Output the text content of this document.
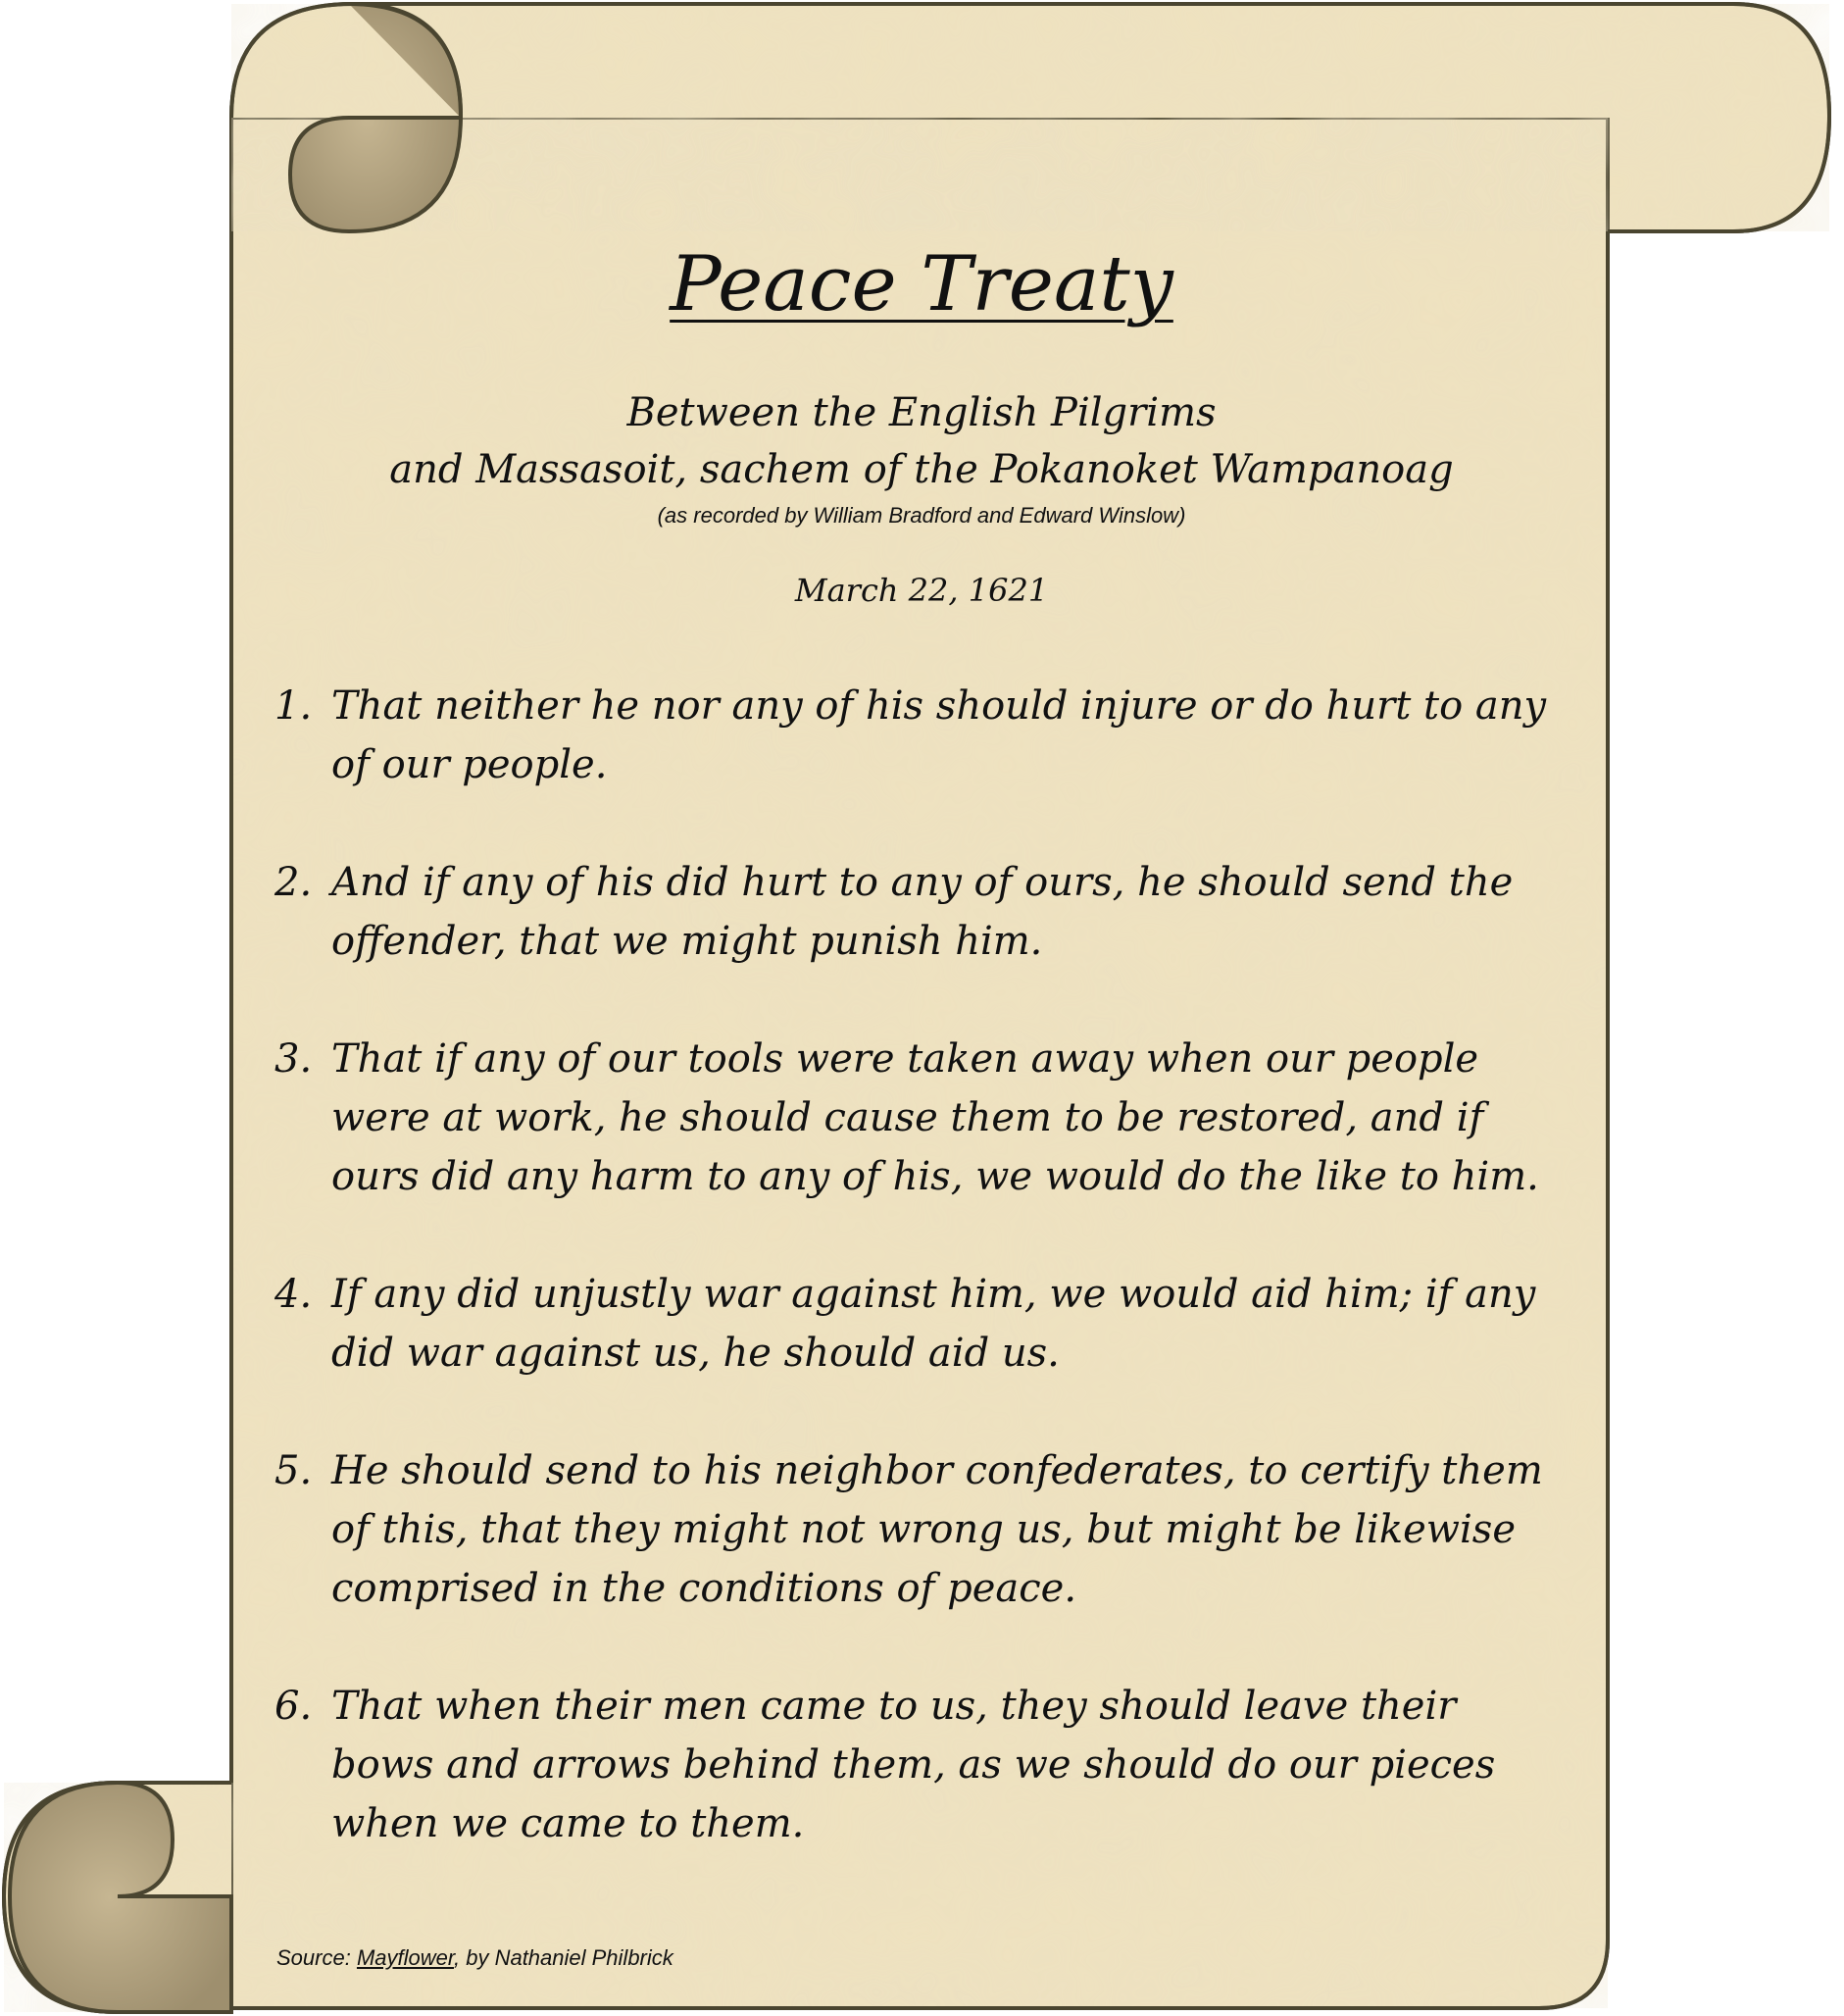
Peace Treaty
Between the English Pilgrims
and Massasoit, sachem of the Pokanoket Wampanoag
(as recorded by William Bradford and Edward Winslow)
March 22, 1621
1. That neither he nor any of his should injure or do hurt to any of our people.
2. And if any of his did hurt to any of ours, he should send the offender, that we might punish him.
3. That if any of our tools were taken away when our people were at work, he should cause them to be restored, and if ours did any harm to any of his, we would do the like to him.
4. If any did unjustly war against him, we would aid him; if any did war against us, he should aid us.
5. He should send to his neighbor confederates, to certify them of this, that they might not wrong us, but might be likewise comprised in the conditions of peace.
6. That when their men came to us, they should leave their bows and arrows behind them, as we should do our pieces when we came to them.
Source: Mayflower, by Nathaniel Philbrick
